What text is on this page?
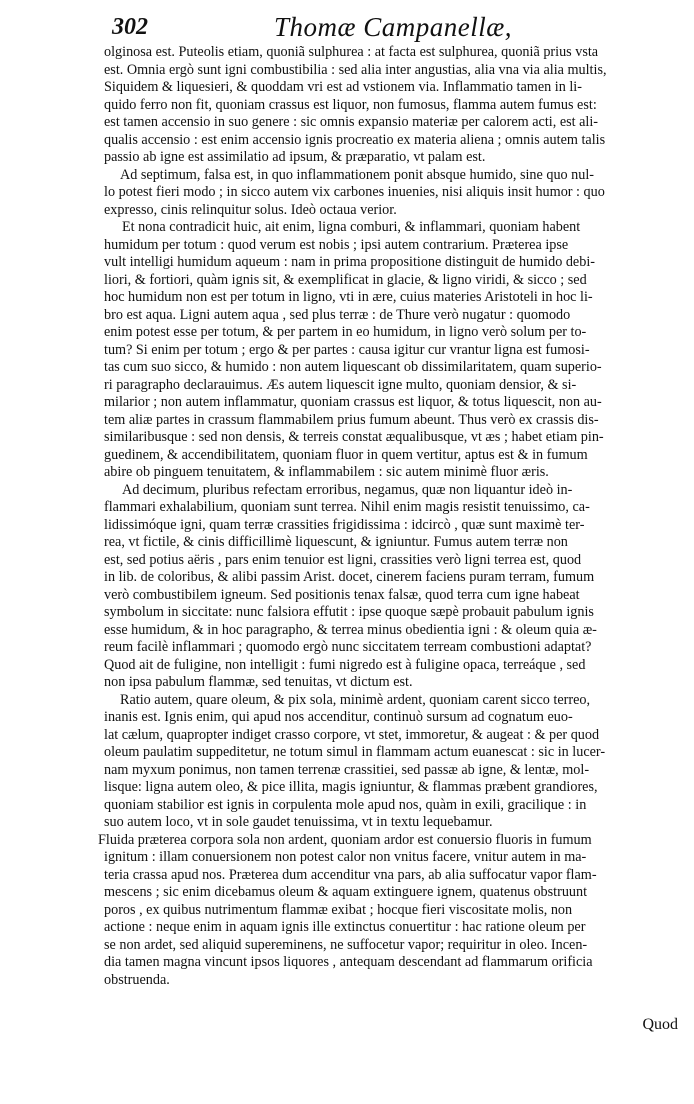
302	Thomæ Campanellæ,
olginosa est. Puteolis etiam, quoniã sulphurea : at facta est sulphurea, quoniã prius vsta
est. Omnia ergò sunt igni combustibilia : sed alia inter angustias, alia vna via alia multis,
Siquidem & liquesieri, & quoddam vri est ad vstionem via. Inflammatio tamen in li-
quido ferro non fit, quoniam crassus est liquor, non fumosus, flamma autem fumus est:
est tamen accensio in suo genere : sic omnis expansio materiæ per calorem acti, est ali-
qualis accensio : est enim accensio ignis procreatio ex materia aliena ; omnis autem talis
passio ab igne est assimilatio ad ipsum, & præparatio, vt palam est.
Ad septimum, falsa est, in quo inflammationem ponit absque humido, sine quo nul-
lo potest fieri modo ; in sicco autem vix carbones inuenies, nisi aliquis insit humor : quo
expresso, cinis relinquitur solus. Ideò octaua verior.
Et nona contradicit huic, ait enim, ligna comburi, & inflammari, quoniam habent
humidum per totum : quod verum est nobis ; ipsi autem contrarium. Præterea ipse
vult intelligi humidum aqueum : nam in prima propositione distinguit de humido debi-
liori, & fortiori, quàm ignis sit, & exemplificat in glacie, & ligno viridi, & sicco ; sed
hoc humidum non est per totum in ligno, vti in ære, cuius materies Aristoteli in hoc li-
bro est aqua. Ligni autem aqua , sed plus terræ : de Thure verò nugatur : quomodo
enim potest esse per totum, & per partem in eo humidum, in ligno verò solum per to-
tum? Si enim per totum ; ergo & per partes : causa igitur cur vrantur ligna est fumosi-
tas cum suo sicco, & humido : non autem liquescant ob dissimilaritatem, quam superio-
ri paragrapho declarauimus. Æs autem liquescit igne multo, quoniam densior, & si-
milarior ; non autem inflammatur, quoniam crassus est liquor, & totus liquescit, non au-
tem aliæ partes in crassum flammabilem prius fumum abeunt. Thus verò ex crassis dis-
similaribusque : sed non densis, & terreis constat æqualibusque, vt æs ; habet etiam pin-
guedinem, & accendibilitatem, quoniam fluor in quem vertitur, aptus est & in fumum
abire ob pinguem tenuitatem, & inflammabilem : sic autem minimè fluor æris.
Ad decimum, pluribus refectam erroribus, negamus, quæ non liquantur ideò in-
flammari exhalabilium, quoniam sunt terrea. Nihil enim magis resistit tenuissimo, ca-
lidissimóque igni, quam terræ crassities frigidissima : idcircò , quæ sunt maximè ter-
rea, vt fictile, & cinis difficillimè liquescunt, & igniuntur. Fumus autem terræ non
est, sed potius aëris , pars enim tenuior est ligni, crassities verò ligni terrea est, quod
in lib. de coloribus, & alibi passim Arist. docet, cinerem faciens puram terram, fumum
verò combustibilem igneum. Sed positionis tenax falsæ, quod terra cum igne habeat
symbolum in siccitate: nunc falsiora effutit : ipse quoque sæpè probauit pabulum ignis
esse humidum, & in hoc paragrapho, & terrea minus obedientia igni : & oleum quia æ-
reum facilè inflammari ; quomodo ergò nunc siccitatem terream combustioni adaptat?
Quod ait de fuligine, non intelligit : fumi nigredo est à fuligine opaca, terreáque , sed
non ipsa pabulum flammæ, sed tenuitas, vt dictum est.
Ratio autem, quare oleum, & pix sola, minimè ardent, quoniam carent sicco terreo,
inanis est. Ignis enim, qui apud nos accenditur, continuò sursum ad cognatum euo-
lat cælum, quapropter indiget crasso corpore, vt stet, immoretur, & augeat : & per quod
oleum paulatim suppeditetur, ne totum simul in flammam actum euanescat : sic in lucer-
nam myxum ponimus, non tamen terrenæ crassitiei, sed passæ ab igne, & lentæ, mol-
lisque: ligna autem oleo, & pice illita, magis igniuntur, & flammas præbent grandiores,
quoniam stabilior est ignis in corpulenta mole apud nos, quàm in exili, gracilique : in
suo autem loco, vt in sole gaudet tenuissima, vt in textu lequebamur.
Fluida præterea corpora sola non ardent, quoniam ardor est conuersio fluoris in fumum
ignitum : illam conuersionem non potest calor non vnitus facere, vnitur autem in ma-
teria crassa apud nos. Præterea dum accenditur vna pars, ab alia suffocatur vapor flam-
mescens ; sic enim dicebamus oleum & aquam extinguere ignem, quatenus obstruunt
poros , ex quibus nutrimentum flammæ exibat ; hocque fieri viscositate molis, non
actione : neque enim in aquam ignis ille extinctus conuertitur : hac ratione oleum per
se non ardet, sed aliquid supereminens, ne suffocetur vapor; requiritur in oleo. Incen-
dia tamen magna vincunt ipsos liquores , antequam descendant ad flammarum orificia
obstruenda.
Quod
